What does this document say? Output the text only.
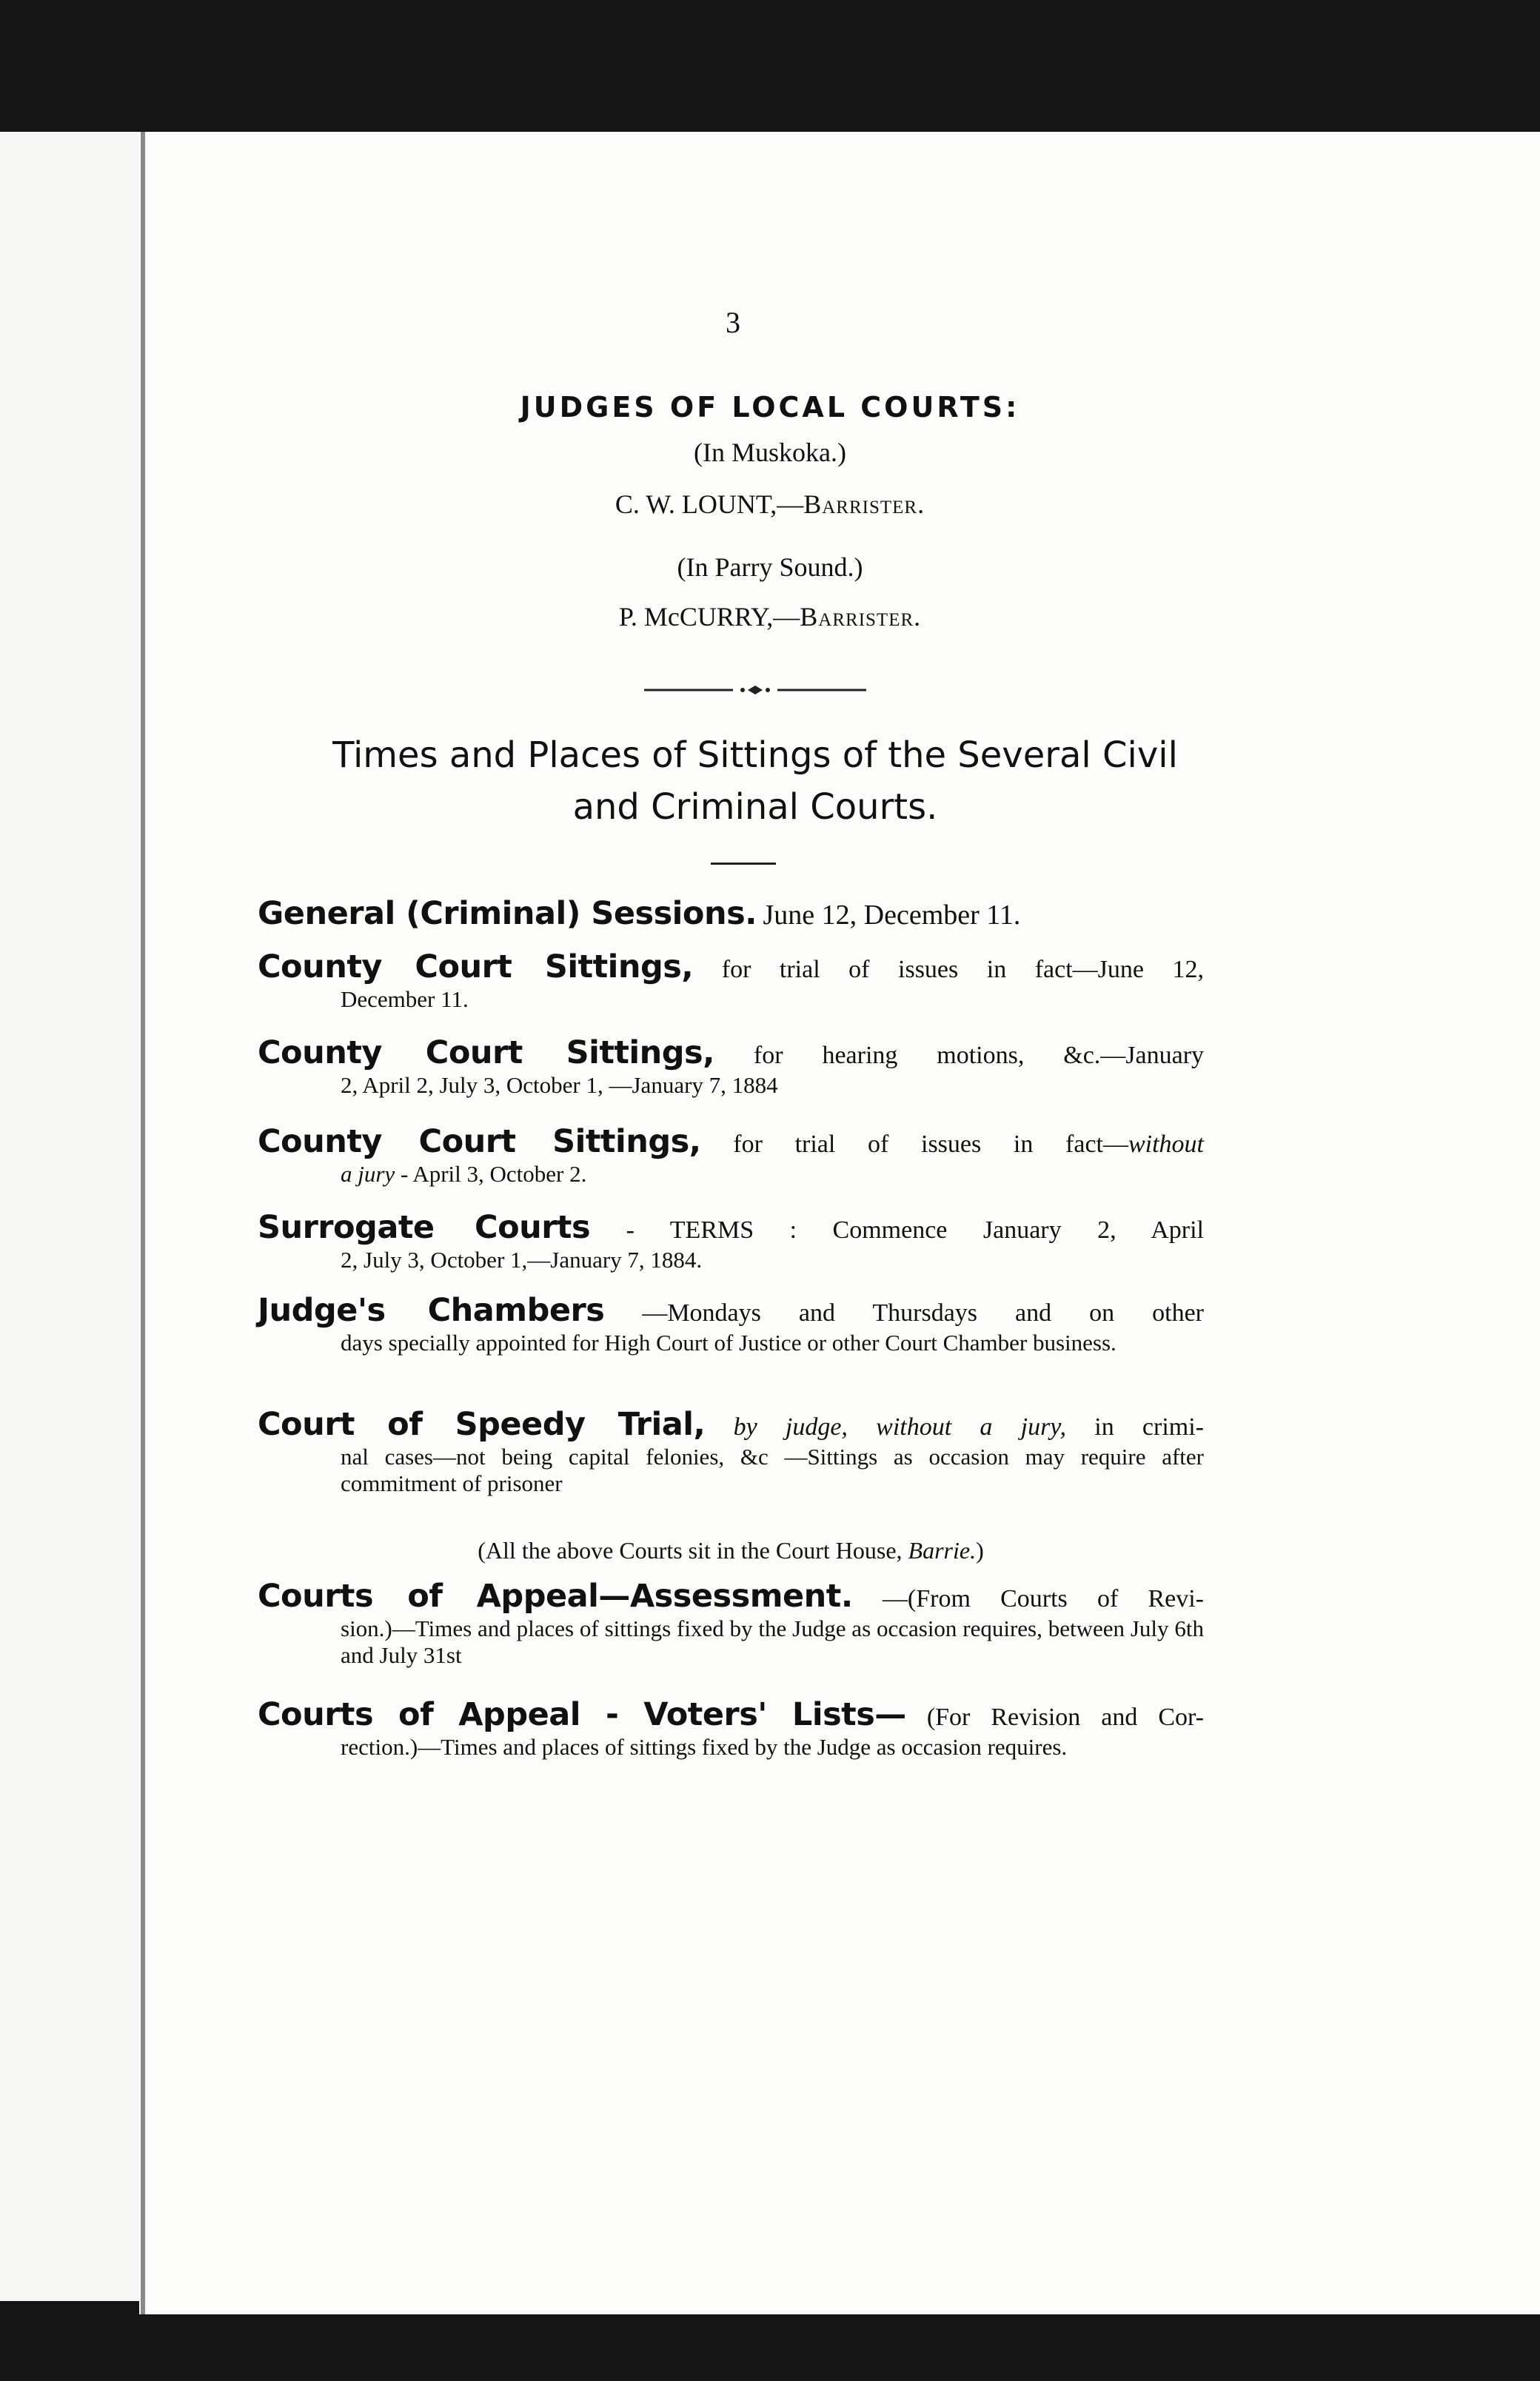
3
JUDGES OF LOCAL COURTS:
(In Muskoka.)
C. W. LOUNT,—Barrister.
(In Parry Sound.)
P. McCURRY,—Barrister.
Times and Places of Sittings of the Several Civil
and Criminal Courts.
General (Criminal) Sessions. June 12, December 11.
County Court Sittings, for trial of issues in fact—June 12,
December 11.
County Court Sittings, for hearing motions, &c.—January
2, April 2, July 3, October 1, —January 7, 1884
County Court Sittings, for trial of issues in fact—without
a jury - April 3, October 2.
Surrogate Courts - TERMS : Commence January 2, April
2, July 3, October 1,—January 7, 1884.
Judge's Chambers —Mondays and Thursdays and on other
days specially appointed for High Court of Justice or other Court Chamber business.
Court of Speedy Trial, by judge, without a jury, in crimi-
nal cases—not being capital felonies, &c —Sittings as occasion may require after commitment of prisoner
(All the above Courts sit in the Court House, Barrie.)
Courts of Appeal—Assessment. —(From Courts of Revi-
sion.)—Times and places of sittings fixed by the Judge as occasion requires, between July 6th and July 31st
Courts of Appeal - Voters' Lists— (For Revision and Cor-
rection.)—Times and places of sittings fixed by the Judge as occasion requires.
